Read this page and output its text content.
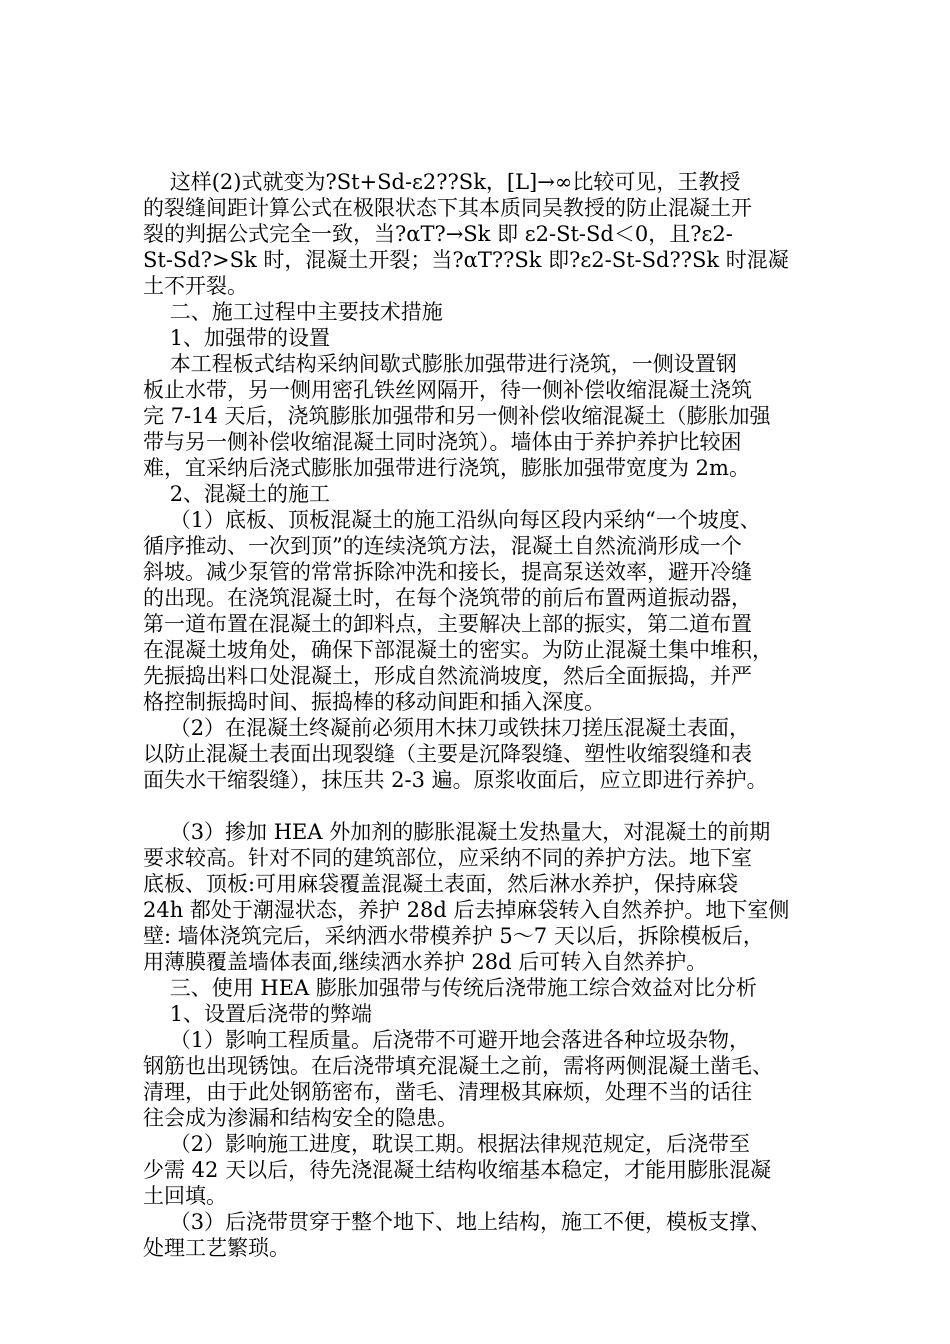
这样(2)式就变为?St+Sd-ε2??Sk，[L]→∞比较可见，王教授
的裂缝间距计算公式在极限状态下其本质同吴教授的防止混凝土开
裂的判据公式完全一致，当?αT?→Sk 即 ε2-St-Sd＜0，且?ε2-
St-Sd?>Sk 时，混凝土开裂；当?αT??Sk 即?ε2-St-Sd??Sk 时混凝
土不开裂。
二、施工过程中主要技术措施
1、加强带的设置
本工程板式结构采纳间歇式膨胀加强带进行浇筑，一侧设置钢
板止水带，另一侧用密孔铁丝网隔开，待一侧补偿收缩混凝土浇筑
完 7-14 天后，浇筑膨胀加强带和另一侧补偿收缩混凝土（膨胀加强
带与另一侧补偿收缩混凝土同时浇筑）。墙体由于养护养护比较困
难，宜采纳后浇式膨胀加强带进行浇筑，膨胀加强带宽度为 2m。
2、混凝土的施工
（1）底板、顶板混凝土的施工沿纵向每区段内采纳“一个坡度、
循序推动、一次到顶”的连续浇筑方法，混凝土自然流淌形成一个
斜坡。减少泵管的常常拆除冲洗和接长，提高泵送效率，避开冷缝
的出现。在浇筑混凝土时，在每个浇筑带的前后布置两道振动器，
第一道布置在混凝土的卸料点，主要解决上部的振实，第二道布置
在混凝土坡角处，确保下部混凝土的密实。为防止混凝土集中堆积，
先振捣出料口处混凝土，形成自然流淌坡度，然后全面振捣，并严
格控制振捣时间、振捣棒的移动间距和插入深度。
（2）在混凝土终凝前必须用木抹刀或铁抹刀搓压混凝土表面，
以防止混凝土表面出现裂缝（主要是沉降裂缝、塑性收缩裂缝和表
面失水干缩裂缝），抹压共 2-3 遍。原浆收面后，应立即进行养护。
（3）掺加 HEA 外加剂的膨胀混凝土发热量大，对混凝土的前期
要求较高。针对不同的建筑部位，应采纳不同的养护方法。地下室
底板、顶板:可用麻袋覆盖混凝土表面，然后淋水养护，保持麻袋
24h 都处于潮湿状态，养护 28d 后去掉麻袋转入自然养护。地下室侧
壁: 墙体浇筑完后，采纳洒水带模养护 5～7 天以后，拆除模板后，
用薄膜覆盖墙体表面,继续洒水养护 28d 后可转入自然养护。
三、使用 HEA 膨胀加强带与传统后浇带施工综合效益对比分析
1、设置后浇带的弊端
（1）影响工程质量。后浇带不可避开地会落进各种垃圾杂物，
钢筋也出现锈蚀。在后浇带填充混凝土之前，需将两侧混凝土凿毛、
清理，由于此处钢筋密布，凿毛、清理极其麻烦，处理不当的话往
往会成为渗漏和结构安全的隐患。
（2）影响施工进度，耽误工期。根据法律规范规定，后浇带至
少需 42 天以后，待先浇混凝土结构收缩基本稳定，才能用膨胀混凝
土回填。
（3）后浇带贯穿于整个地下、地上结构，施工不便，模板支撑、
处理工艺繁琐。
